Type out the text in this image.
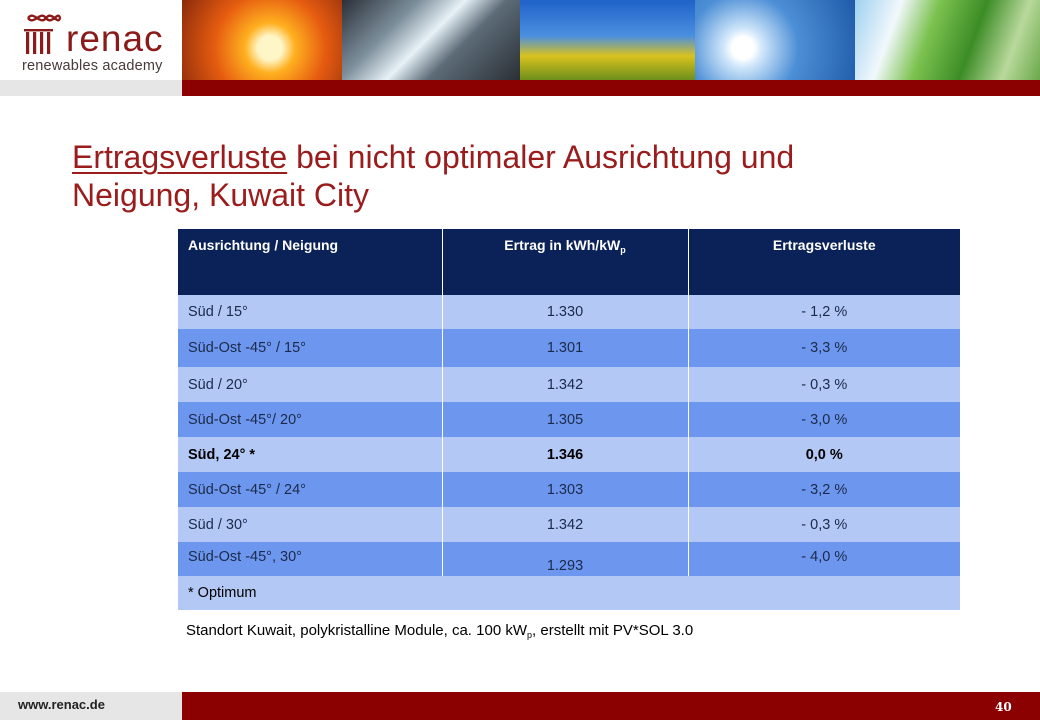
renac
renewables academy
Ertragsverluste bei nicht optimaler Ausrichtung und
Neigung, Kuwait City
Ausrichtung / Neigung	Ertrag in kWh/$kW_p$	Ertragsverluste
Süd / 15°	1.330	- 1,2 %
Süd-Ost -45° / 15°	1.301	- 3,3 %
Süd / 20°	1.342	- 0,3 %
Süd-Ost -45°/ 20°	1.305	- 3,0 %
Süd, 24° *	1.346	0,0 %
Süd-Ost -45° / 24°	1.303	- 3,2 %
Süd / 30°	1.342	- 0,3 %
Süd-Ost -45°, 30°	1.293	- 4,0 %
* Optimum		
Standort Kuwait, polykristalline Module, ca. 100 $kW_p$, erstellt mit PV*SOL 3.0
www.renac.de	40
